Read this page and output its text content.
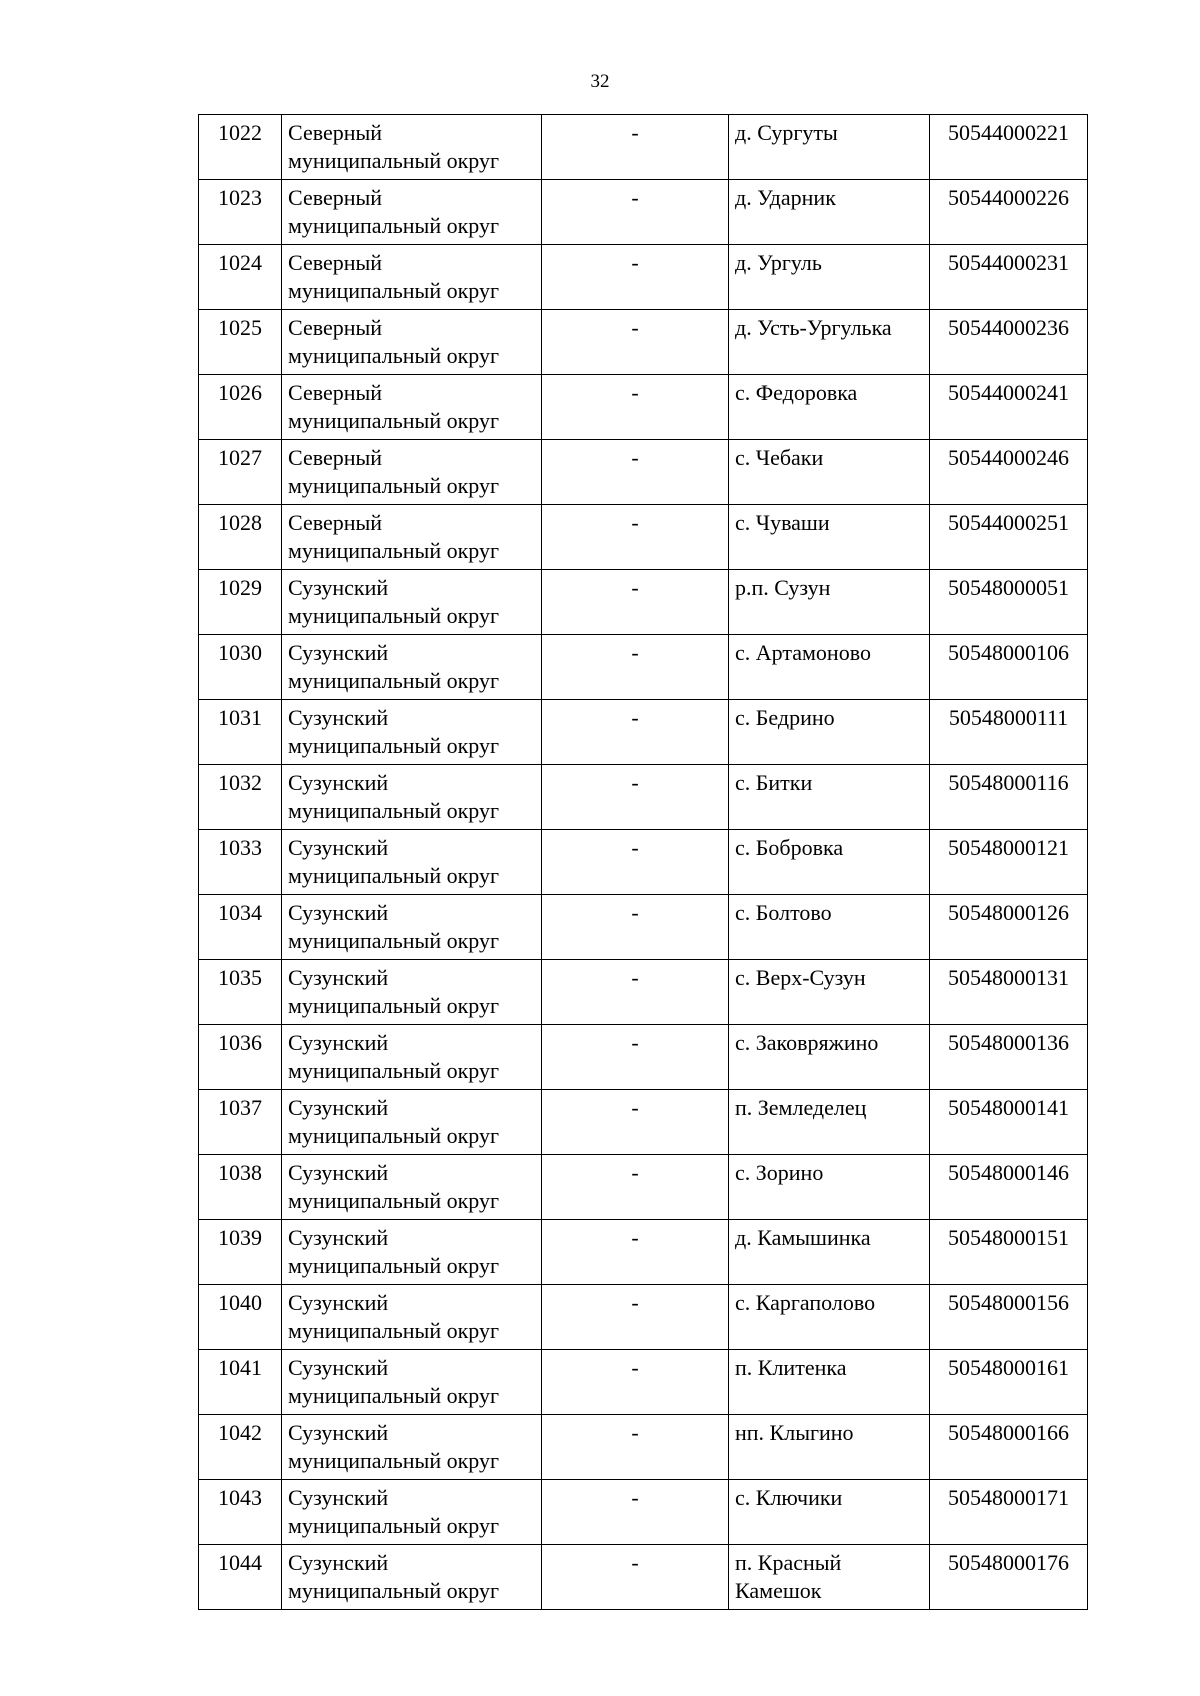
32
1022	Северный муниципальный округ	-	д. Сургуты	50544000221
1023	Северный муниципальный округ	-	д. Ударник	50544000226
1024	Северный муниципальный округ	-	д. Ургуль	50544000231
1025	Северный муниципальный округ	-	д. Усть-Ургулька	50544000236
1026	Северный муниципальный округ	-	с. Федоровка	50544000241
1027	Северный муниципальный округ	-	с. Чебаки	50544000246
1028	Северный муниципальный округ	-	с. Чуваши	50544000251
1029	Сузунский муниципальный округ	-	р.п. Сузун	50548000051
1030	Сузунский муниципальный округ	-	с. Артамоново	50548000106
1031	Сузунский муниципальный округ	-	с. Бедрино	50548000111
1032	Сузунский муниципальный округ	-	с. Битки	50548000116
1033	Сузунский муниципальный округ	-	с. Бобровка	50548000121
1034	Сузунский муниципальный округ	-	с. Болтово	50548000126
1035	Сузунский муниципальный округ	-	с. Верх-Сузун	50548000131
1036	Сузунский муниципальный округ	-	с. Заковряжино	50548000136
1037	Сузунский муниципальный округ	-	п. Земледелец	50548000141
1038	Сузунский муниципальный округ	-	с. Зорино	50548000146
1039	Сузунский муниципальный округ	-	д. Камышинка	50548000151
1040	Сузунский муниципальный округ	-	с. Каргаполово	50548000156
1041	Сузунский муниципальный округ	-	п. Клитенка	50548000161
1042	Сузунский муниципальный округ	-	нп. Клыгино	50548000166
1043	Сузунский муниципальный округ	-	с. Ключики	50548000171
1044	Сузунский муниципальный округ	-	п. Красный Камешок	50548000176
